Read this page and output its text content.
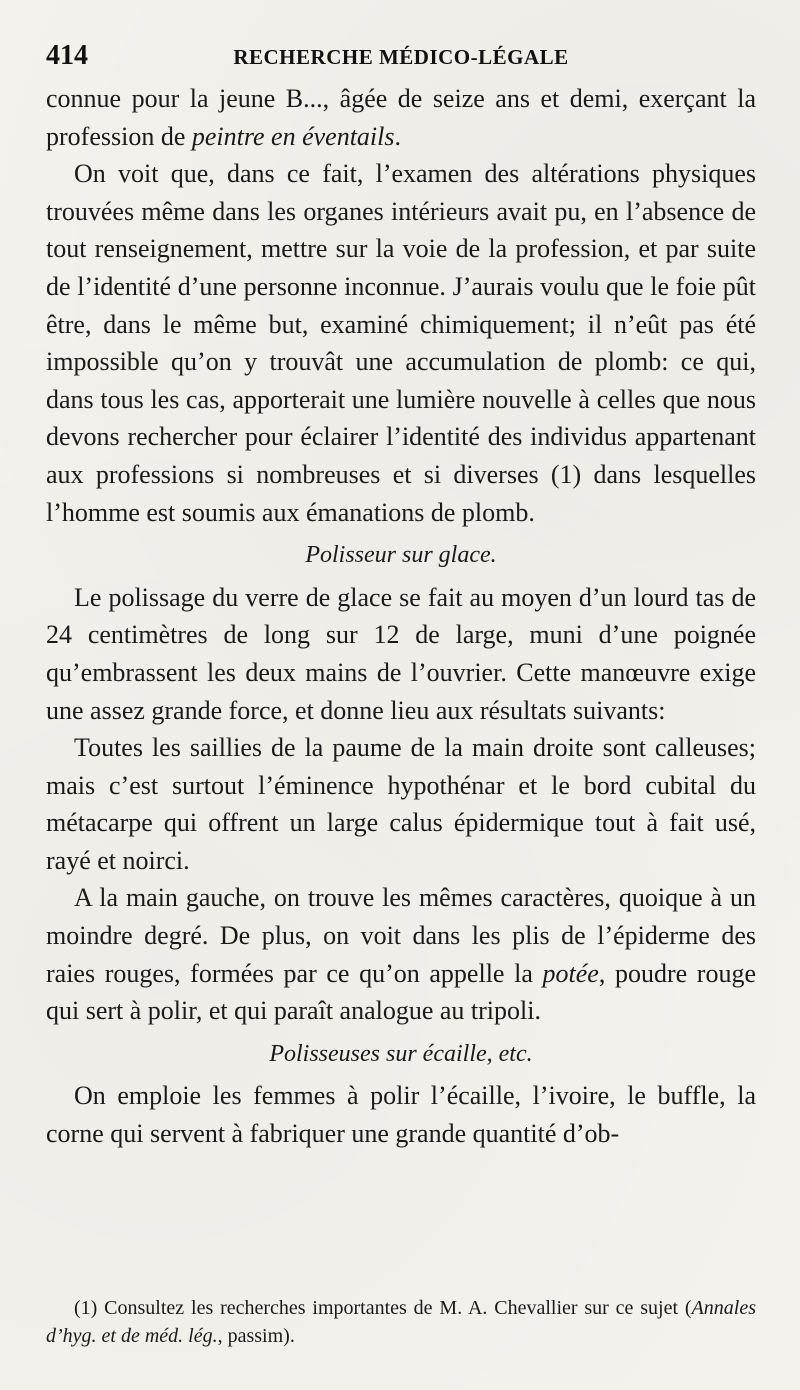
414	RECHERCHE MÉDICO-LÉGALE

connue pour la jeune B..., âgée de seize ans et demi, exerçant la profession de peintre en éventails.

On voit que, dans ce fait, l’examen des altérations physiques trouvées même dans les organes intérieurs avait pu, en l’absence de tout renseignement, mettre sur la voie de la profession, et par suite de l’identité d’une personne inconnue. J’aurais voulu que le foie pût être, dans le même but, examiné chimiquement; il n’eût pas été impossible qu’on y trouvât une accumulation de plomb: ce qui, dans tous les cas, apporterait une lumière nouvelle à celles que nous devons rechercher pour éclairer l’identité des individus appartenant aux professions si nombreuses et si diverses (1) dans lesquelles l’homme est soumis aux émanations de plomb.

Polisseur sur glace.

Le polissage du verre de glace se fait au moyen d’un lourd tas de 24 centimètres de long sur 12 de large, muni d’une poignée qu’embrassent les deux mains de l’ouvrier. Cette manœuvre exige une assez grande force, et donne lieu aux résultats suivants:

Toutes les saillies de la paume de la main droite sont calleuses; mais c’est surtout l’éminence hypothénar et le bord cubital du métacarpe qui offrent un large calus épidermique tout à fait usé, rayé et noirci.

A la main gauche, on trouve les mêmes caractères, quoique à un moindre degré. De plus, on voit dans les plis de l’épiderme des raies rouges, formées par ce qu’on appelle la potée, poudre rouge qui sert à polir, et qui paraît analogue au tripoli.

Polisseuses sur écaille, etc.

On emploie les femmes à polir l’écaille, l’ivoire, le buffle, la corne qui servent à fabriquer une grande quantité d’ob-

(1) Consultez les recherches importantes de M. A. Chevallier sur ce sujet (Annales d’hyg. et de méd. lég., passim).
